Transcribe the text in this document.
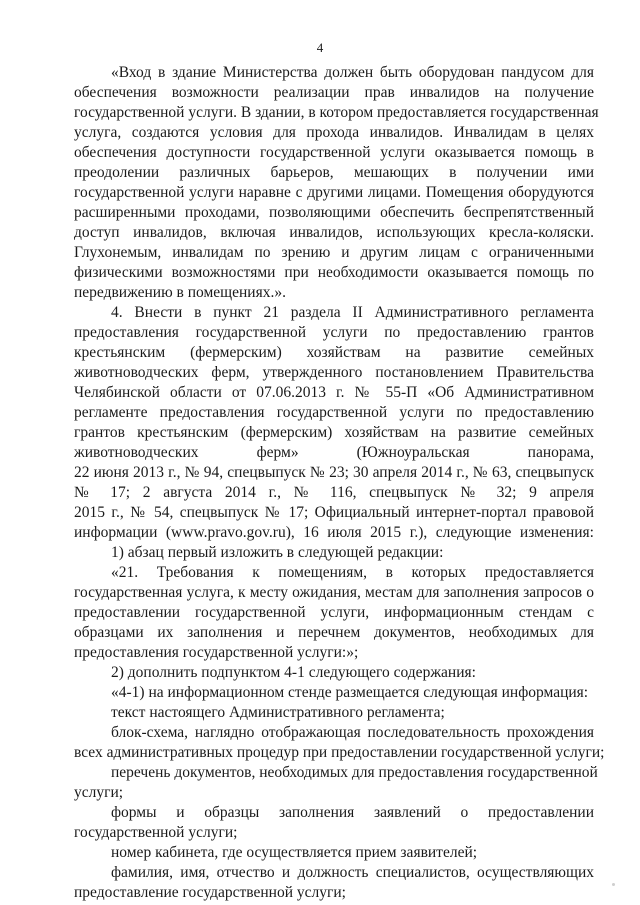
4
«Вход в здание Министерства должен быть оборудован пандусом для
обеспечения возможности реализации прав инвалидов на получение
государственной услуги. В здании, в котором предоставляется государственная
услуга, создаются условия для прохода инвалидов. Инвалидам в целях
обеспечения доступности государственной услуги оказывается помощь в
преодолении различных барьеров, мешающих в получении ими
государственной услуги наравне с другими лицами. Помещения оборудуются
расширенными проходами, позволяющими обеспечить беспрепятственный
доступ инвалидов, включая инвалидов, использующих кресла-коляски.
Глухонемым, инвалидам по зрению и другим лицам с ограниченными
физическими возможностями при необходимости оказывается помощь по
передвижению в помещениях.».
4. Внести в пункт 21 раздела II Административного регламента
предоставления государственной услуги по предоставлению грантов
крестьянским (фермерским) хозяйствам на развитие семейных
животноводческих ферм, утвержденного постановлением Правительства
Челябинской области от 07.06.2013 г. № 55-П «Об Административном
регламенте предоставления государственной услуги по предоставлению
грантов крестьянским (фермерским) хозяйствам на развитие семейных
животноводческих ферм» (Южноуральская панорама,
22 июня 2013 г., № 94, спецвыпуск № 23; 30 апреля 2014 г., № 63, спецвыпуск
№ 17; 2 августа 2014 г., № 116, спецвыпуск № 32; 9 апреля
2015 г., № 54, спецвыпуск № 17; Официальный интернет-портал правовой
информации (www.pravo.gov.ru), 16 июля 2015 г.), следующие изменения:
1) абзац первый изложить в следующей редакции:
«21. Требования к помещениям, в которых предоставляется
государственная услуга, к месту ожидания, местам для заполнения запросов о
предоставлении государственной услуги, информационным стендам с
образцами их заполнения и перечнем документов, необходимых для
предоставления государственной услуги:»;
2) дополнить подпунктом 4-1 следующего содержания:
«4-1) на информационном стенде размещается следующая информация:
текст настоящего Административного регламента;
блок-схема, наглядно отображающая последовательность прохождения
всех административных процедур при предоставлении государственной услуги;
перечень документов, необходимых для предоставления государственной
услуги;
формы и образцы заполнения заявлений о предоставлении
государственной услуги;
номер кабинета, где осуществляется прием заявителей;
фамилия, имя, отчество и должность специалистов, осуществляющих
предоставление государственной услуги;
